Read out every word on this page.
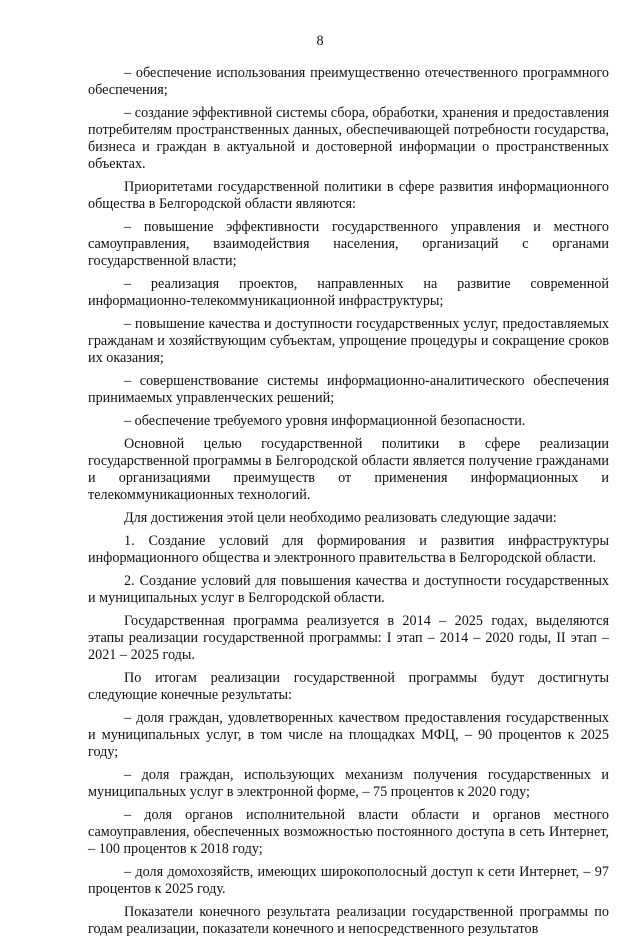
8

– обеспечение использования преимущественно отечественного программного обеспечения;

– создание эффективной системы сбора, обработки, хранения и предоставления потребителям пространственных данных, обеспечивающей потребности государства, бизнеса и граждан в актуальной и достоверной информации о пространственных объектах.

Приоритетами государственной политики в сфере развития информационного общества в Белгородской области являются:

– повышение эффективности государственного управления и местного самоуправления, взаимодействия населения, организаций с органами государственной власти;

– реализация проектов, направленных на развитие современной информационно-телекоммуникационной инфраструктуры;

– повышение качества и доступности государственных услуг, предоставляемых гражданам и хозяйствующим субъектам, упрощение процедуры и сокращение сроков их оказания;

– совершенствование системы информационно-аналитического обеспечения принимаемых управленческих решений;

– обеспечение требуемого уровня информационной безопасности.

Основной целью государственной политики в сфере реализации государственной программы в Белгородской области является получение гражданами и организациями преимуществ от применения информационных и телекоммуникационных технологий.

Для достижения этой цели необходимо реализовать следующие задачи:

1. Создание условий для формирования и развития инфраструктуры информационного общества и электронного правительства в Белгородской области.

2. Создание условий для повышения качества и доступности государственных и муниципальных услуг в Белгородской области.

Государственная программа реализуется в 2014 – 2025 годах, выделяются этапы реализации государственной программы: I этап – 2014 – 2020 годы, II этап – 2021 – 2025 годы.

По итогам реализации государственной программы будут достигнуты следующие конечные результаты:

– доля граждан, удовлетворенных качеством предоставления государственных и муниципальных услуг, в том числе на площадках МФЦ, – 90 процентов к 2025 году;

– доля граждан, использующих механизм получения государственных и муниципальных услуг в электронной форме, – 75 процентов к 2020 году;

– доля органов исполнительной власти области и органов местного самоуправления, обеспеченных возможностью постоянного доступа в сеть Интернет, – 100 процентов к 2018 году;

– доля домохозяйств, имеющих широкополосный доступ к сети Интернет, – 97 процентов к 2025 году.

Показатели конечного результата реализации государственной программы по годам реализации, показатели конечного и непосредственного результатов
